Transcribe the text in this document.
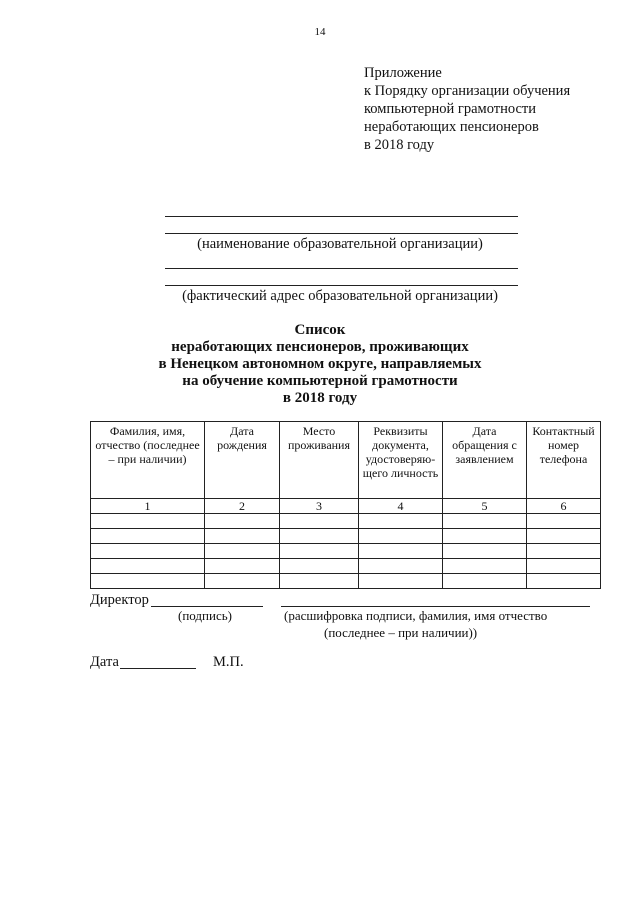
14
Приложение
к Порядку организации обучения
компьютерной грамотности
неработающих пенсионеров
в 2018 году
(наименование образовательной организации)
(фактический адрес образовательной организации)
Список
неработающих пенсионеров, проживающих
в Ненецком автономном округе, направляемых
на обучение компьютерной грамотности
в 2018 году
Фамилия, имя, отчество (последнее – при наличии)	Дата рождения	Место проживания	Реквизиты документа, удостоверяю-щего личность	Дата обращения с заявлением	Контактный номер телефона
1	2	3	4	5	6

Директор
(подпись)	(расшифровка подписи, фамилия, имя отчество
(последнее – при наличии))
Дата	М.П.
